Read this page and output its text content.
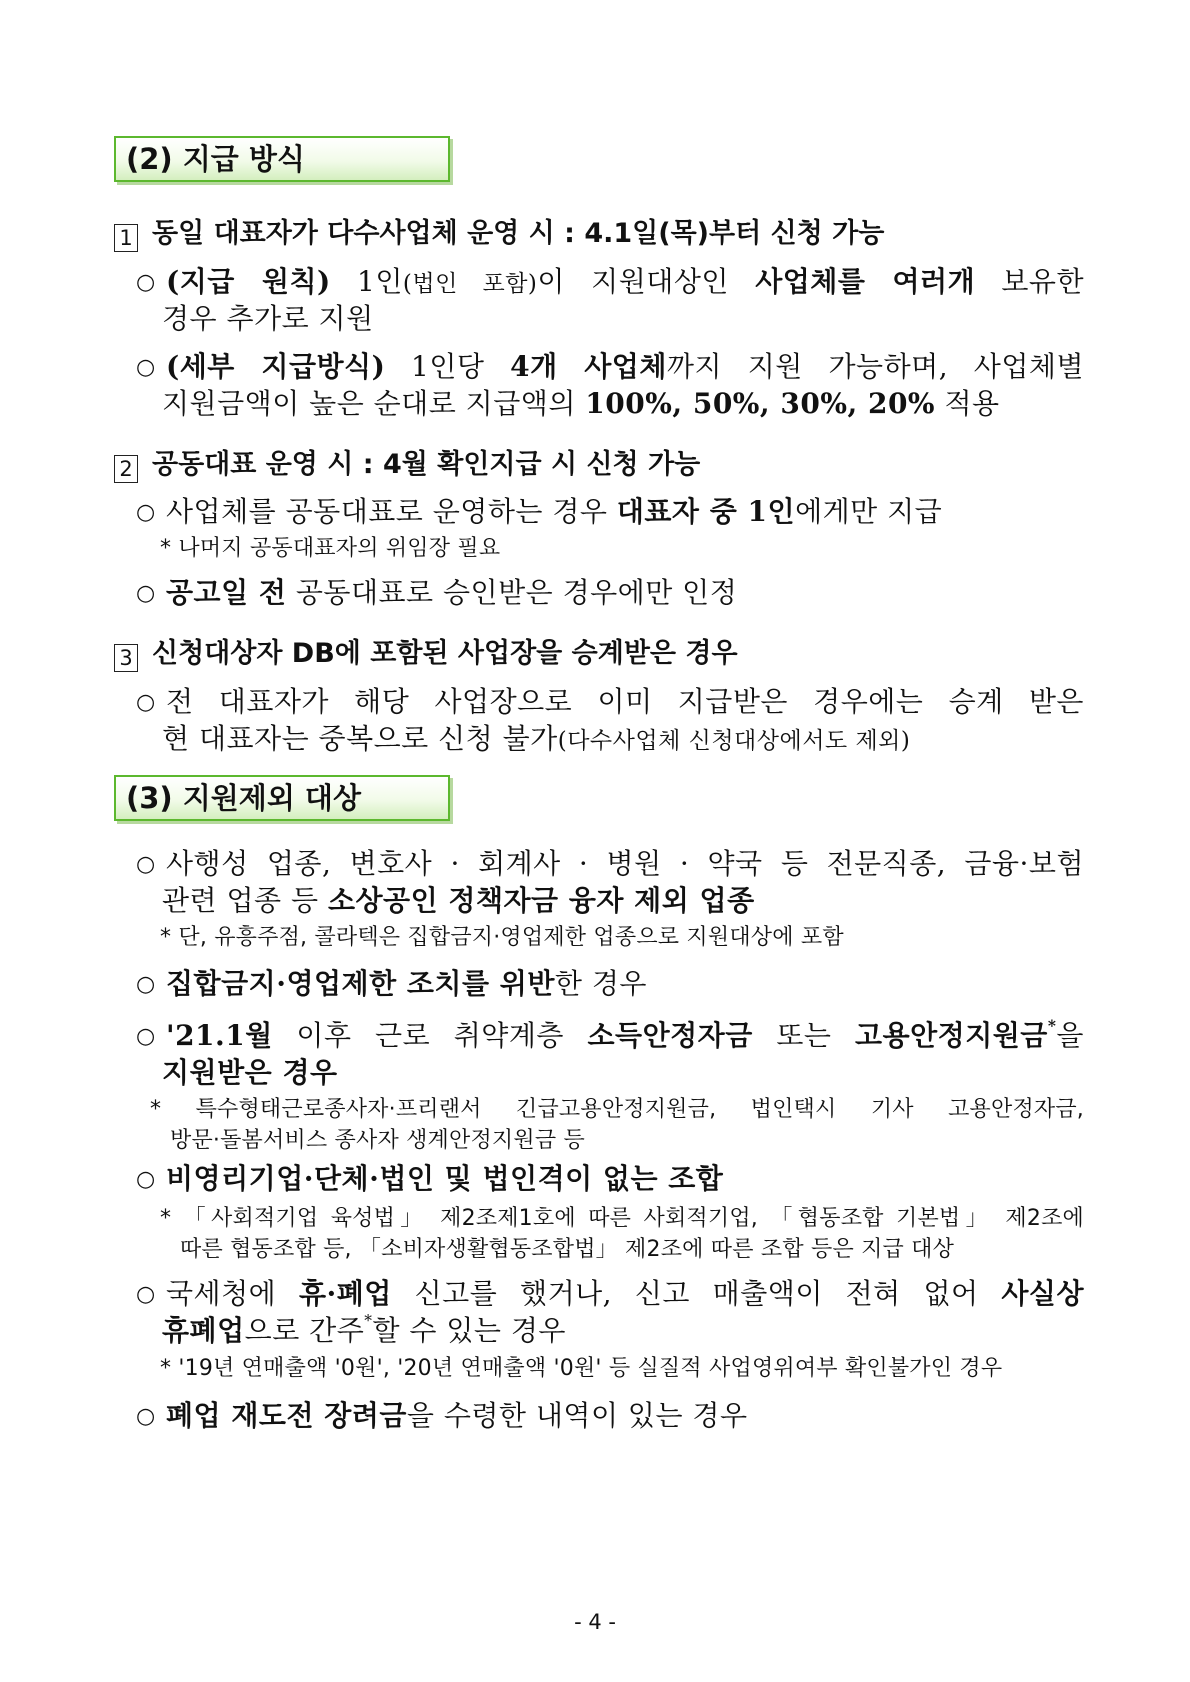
(2) 지급 방식
1 동일 대표자가 다수사업체 운영 시 : 4.1일(목)부터 신청 가능
○ (지급 원칙) 1인(법인 포함)이 지원대상인 사업체를 여러개 보유한
경우 추가로 지원
○ (세부 지급방식) 1인당 4개 사업체까지 지원 가능하며, 사업체별
지원금액이 높은 순대로 지급액의 100%, 50%, 30%, 20% 적용
2 공동대표 운영 시 : 4월 확인지급 시 신청 가능
○ 사업체를 공동대표로 운영하는 경우 대표자 중 1인에게만 지급
* 나머지 공동대표자의 위임장 필요
○ 공고일 전 공동대표로 승인받은 경우에만 인정
3 신청대상자 DB에 포함된 사업장을 승계받은 경우
○ 전 대표자가 해당 사업장으로 이미 지급받은 경우에는 승계 받은
현 대표자는 중복으로 신청 불가(다수사업체 신청대상에서도 제외)
(3) 지원제외 대상
○ 사행성 업종, 변호사 · 회계사 · 병원 · 약국 등 전문직종, 금융·보험
관련 업종 등 소상공인 정책자금 융자 제외 업종
* 단, 유흥주점, 콜라텍은 집합금지·영업제한 업종으로 지원대상에 포함
○ 집합금지·영업제한 조치를 위반한 경우
○ '21.1월 이후 근로 취약계층 소득안정자금 또는 고용안정지원금*을
지원받은 경우
* 특수형태근로종사자·프리랜서 긴급고용안정지원금, 법인택시 기사 고용안정자금,
방문·돌봄서비스 종사자 생계안정지원금 등
○ 비영리기업·단체·법인 및 법인격이 없는 조합
* 「사회적기업 육성법」 제2조제1호에 따른 사회적기업, 「협동조합 기본법」 제2조에
따른 협동조합 등, 「소비자생활협동조합법」 제2조에 따른 조합 등은 지급 대상
○ 국세청에 휴·폐업 신고를 했거나, 신고 매출액이 전혀 없어 사실상
휴폐업으로 간주*할 수 있는 경우
* '19년 연매출액 '0원', '20년 연매출액 '0원' 등 실질적 사업영위여부 확인불가인 경우
○ 폐업 재도전 장려금을 수령한 내역이 있는 경우
- 4 -
